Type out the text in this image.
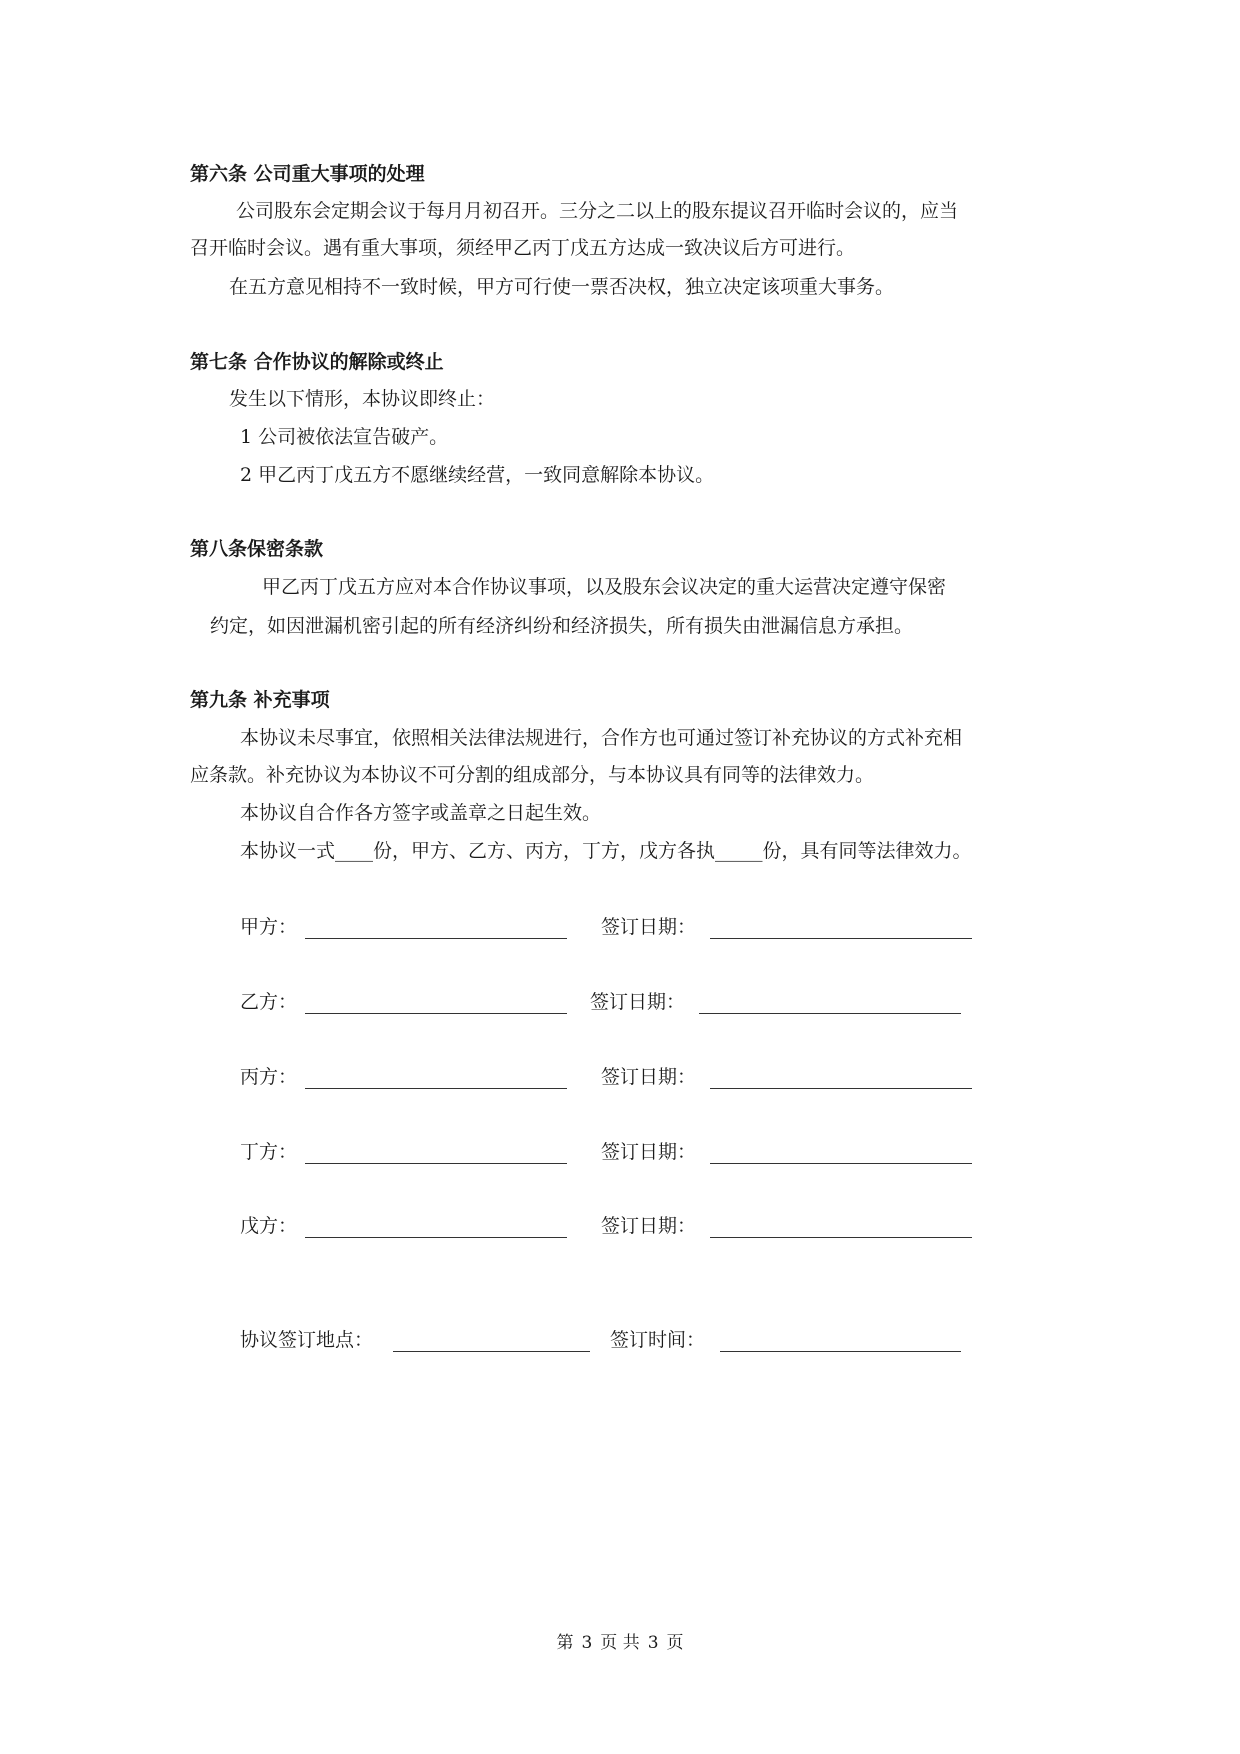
第六条 公司重大事项的处理

公司股东会定期会议于每月月初召开。三分之二以上的股东提议召开临时会议的，应当

召开临时会议。遇有重大事项，须经甲乙丙丁戊五方达成一致决议后方可进行。

在五方意见相持不一致时候，甲方可行使一票否决权，独立决定该项重大事务。

第七条 合作协议的解除或终止

发生以下情形，本协议即终止：

1 公司被依法宣告破产。

2 甲乙丙丁戊五方不愿继续经营，一致同意解除本协议。

第八条保密条款

甲乙丙丁戊五方应对本合作协议事项，以及股东会议决定的重大运营决定遵守保密

约定，如因泄漏机密引起的所有经济纠纷和经济损失，所有损失由泄漏信息方承担。

第九条 补充事项

本协议未尽事宜，依照相关法律法规进行，合作方也可通过签订补充协议的方式补充相

应条款。补充协议为本协议不可分割的组成部分，与本协议具有同等的法律效力。

本协议自合作各方签字或盖章之日起生效。

本协议一式____份，甲方、乙方、丙方，丁方，戊方各执_____份，具有同等法律效力。

甲方：	签订日期：
乙方：	签订日期：
丙方：	签订日期：
丁方：	签订日期：
戊方：	签订日期：
协议签订地点：	签订时间：
第 3 页 共 3 页
